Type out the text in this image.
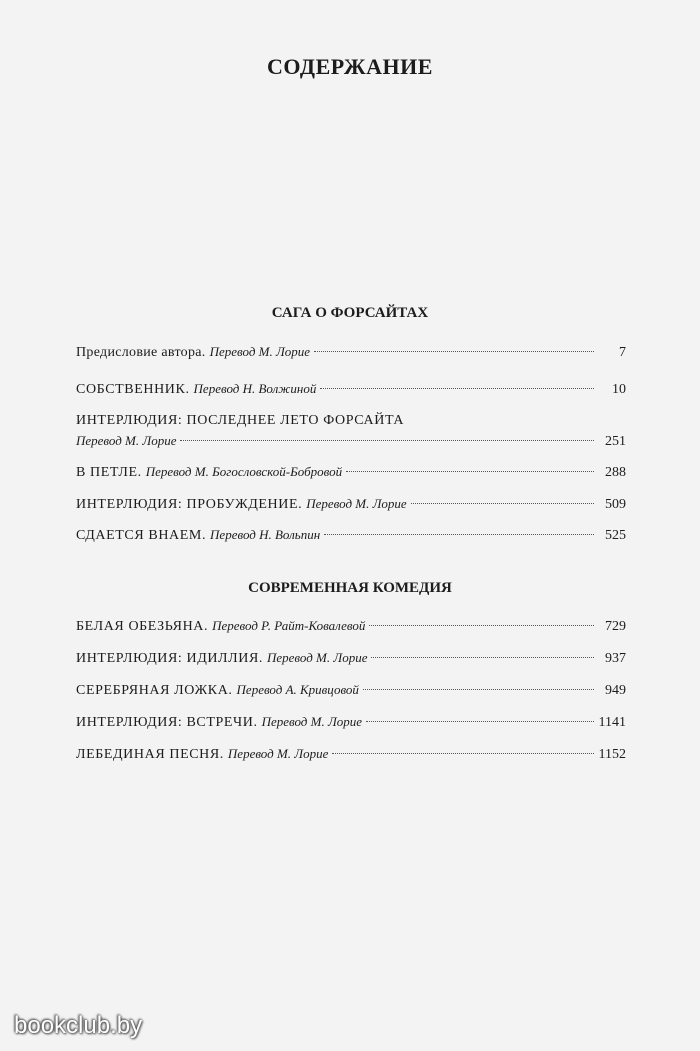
СОДЕРЖАНИЕ
САГА О ФОРСАЙТАХ
Предисловие автора. Перевод М. Лорие	7
СОБСТВЕННИК. Перевод Н. Волжиной	10
ИНТЕРЛЮДИЯ: ПОСЛЕДНЕЕ ЛЕТО ФОРСАЙТА
Перевод М. Лорие	251
В ПЕТЛЕ. Перевод М. Богословской-Бобровой	288
ИНТЕРЛЮДИЯ: ПРОБУЖДЕНИЕ. Перевод М. Лорие	509
СДАЕТСЯ ВНАЕМ. Перевод Н. Вольпин	525
СОВРЕМЕННАЯ КОМЕДИЯ
БЕЛАЯ ОБЕЗЬЯНА. Перевод Р. Райт-Ковалевой	729
ИНТЕРЛЮДИЯ: ИДИЛЛИЯ. Перевод М. Лорие	937
СЕРЕБРЯНАЯ ЛОЖКА. Перевод А. Кривцовой	949
ИНТЕРЛЮДИЯ: ВСТРЕЧИ. Перевод М. Лорие	1141
ЛЕБЕДИНАЯ ПЕСНЯ. Перевод М. Лорие	1152
bookclub.by
